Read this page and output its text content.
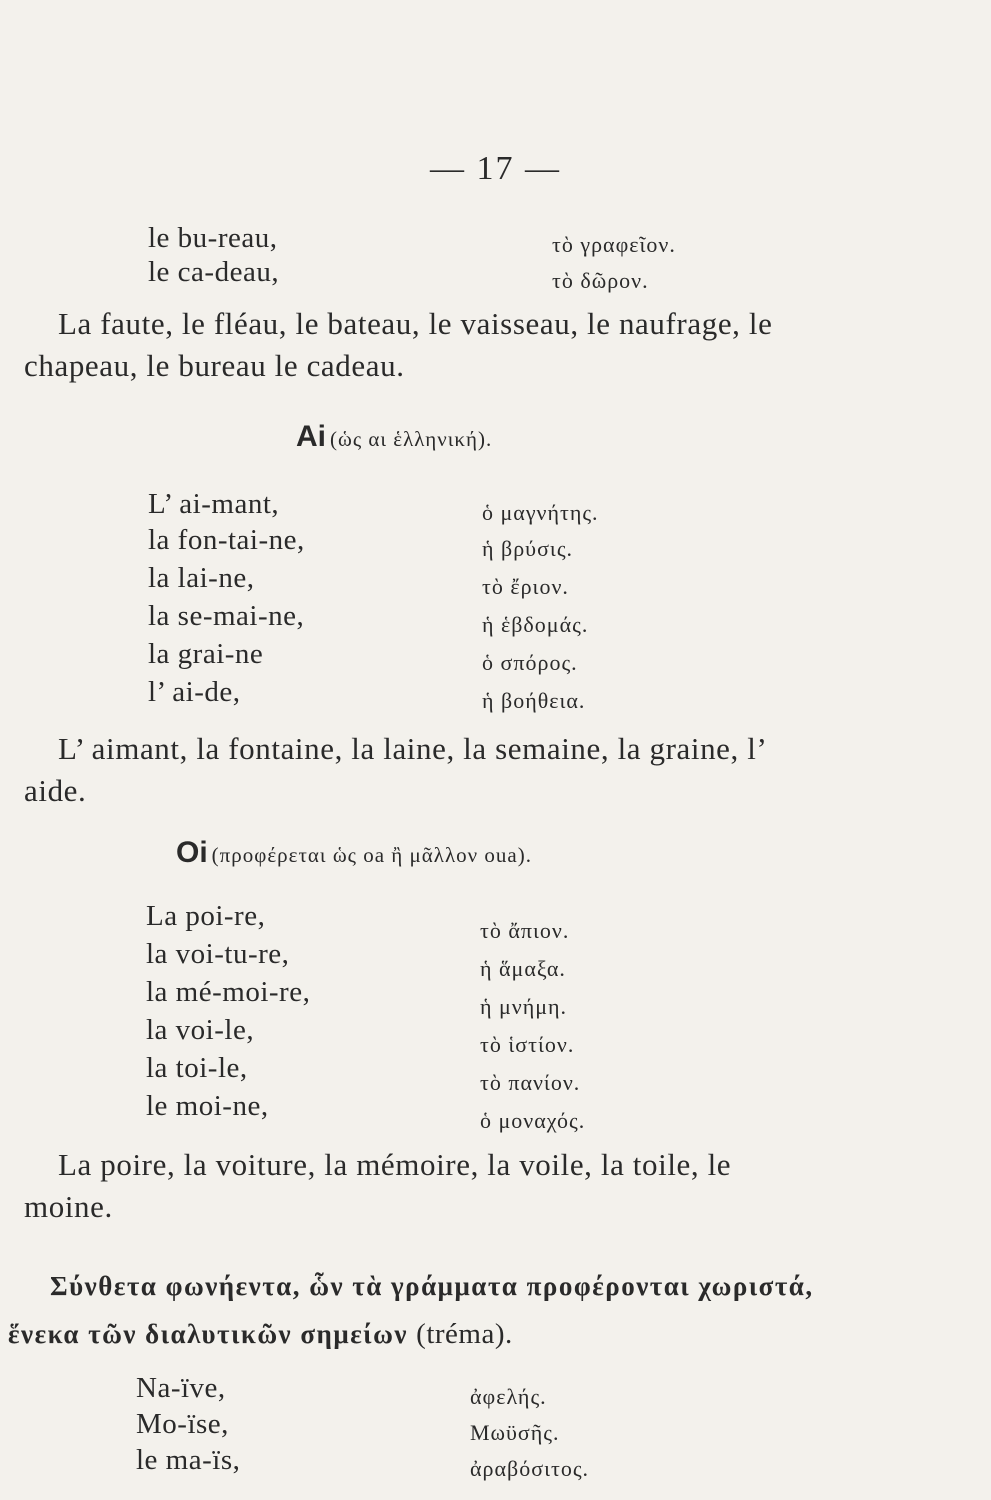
— 17 —
le bu-reau,	τὸ γραφεῖον.
le ca-deau,	τὸ δῶρον.
La faute, le fléau, le bateau, le vaisseau, le naufrage, le chapeau, le bureau le cadeau.
Ai (ὡς αι ἑλληνική).
L’ ai-mant,	ὁ μαγνήτης.
la fon-tai-ne,	ἡ βρύσις.
la lai-ne,	τὸ ἔριον.
la se-mai-ne,	ἡ ἑβδομάς.
la grai-ne	ὁ σπόρος.
l’ ai-de,	ἡ βοήθεια.
L’ aimant, la fontaine, la laine, la semaine, la graine, l’ aide.
Oi (προφέρεται ὡς oa ἢ μᾶλλον oua).
La poi-re,	τὸ ἄπιον.
la voi-tu-re,	ἡ ἅμαξα.
la mé-moi-re,	ἡ μνήμη.
la voi-le,	τὸ ἱστίον.
la toi-le,	τὸ πανίον.
le moi-ne,	ὁ μοναχός.
La poire, la voiture, la mémoire, la voile, la toile, le moine.
Σύνθετα φωνήεντα, ὧν τὰ γράμματα προφέρονται χωριστά, ἕνεκα τῶν διαλυτικῶν σημείων (tréma).
Na-ïve,	ἀφελής.
Mo-ïse,	Μωϋσῆς.
le ma-ïs,	ἀραβόσιτος.
